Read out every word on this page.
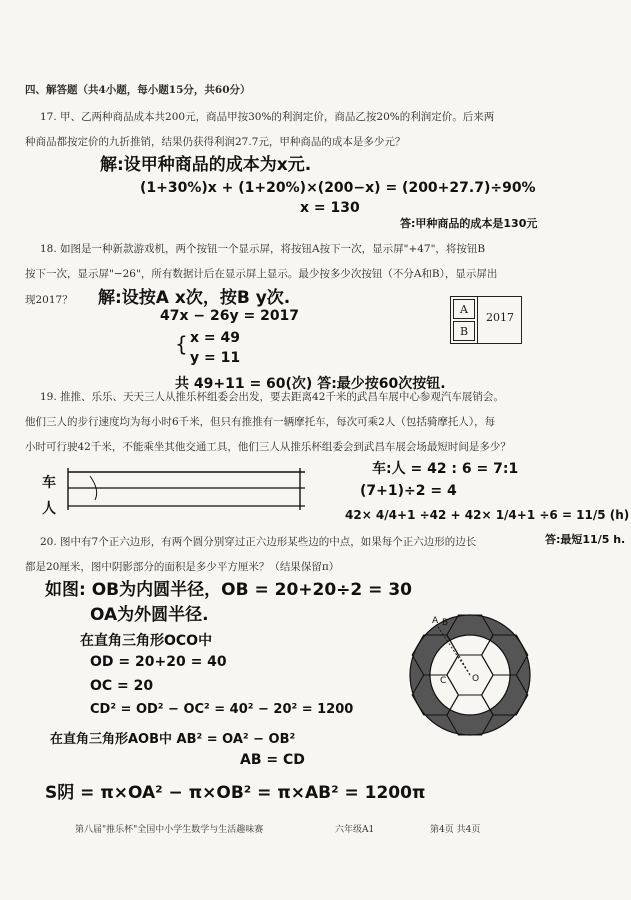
四、解答题（共4小题，每小题15分，共60分）
17. 甲、乙两种商品成本共200元，商品甲按30%的利润定价，商品乙按20%的利润定价。后来两
种商品都按定价的九折推销，结果仍获得利润27.7元，甲种商品的成本是多少元？
解:设甲种商品的成本为x元.
(1+30%)x + (1+20%)×(200−x) = (200+27.7)÷90%
x = 130
答:甲种商品的成本是130元
18. 如图是一种新款游戏机，两个按钮一个显示屏，将按钮A按下一次，显示屏"+47"，将按钮B
按下一次，显示屏"−26"，所有数据计后在显示屏上显示。最少按多少次按钮（不分A和B），显示屏出
现2017？ 解:设按A x次，按B y次.
47x − 26y = 2017
{ x = 49
y = 11
共 49+11 = 60(次) 答:最少按60次按钮.
A
B
2017
19. 推推、乐乐、天天三人从推乐杯组委会出发，要去距离42千米的武昌车展中心参观汽车展销会。
他们三人的步行速度均为每小时6千米，但只有推推有一辆摩托车，每次可乘2人（包括骑摩托人），每
小时可行驶42千米，不能乘坐其他交通工具，他们三人从推乐杯组委会到武昌车展会场最短时间是多少？
车 人
车:人 = 42 : 6 = 7:1
(7+1)÷2 = 4
42× 4/4+1 ÷42 + 42× 1/4+1 ÷6 = 11/5 (h)
答:最短11/5 h.
20. 图中有7个正六边形，有两个圆分别穿过正六边形某些边的中点，如果每个正六边形的边长
都是20厘米，图中阴影部分的面积是多少平方厘米？（结果保留π）
如图: OB为内圆半径，OB = 20+20÷2 = 30
OA为外圆半径.
在直角三角形OCO中
OD = 20+20 = 40
OC = 20
CD² = OD² − OC² = 40² − 20² = 1200
在直角三角形AOB中 AB² = OA² − OB²
AB = CD
S阴 = π×OA² − π×OB² = π×AB² = 1200π
A B
C	O
第八届"推乐杯"全国中小学生数学与生活趣味赛	六年级A1	第4页 共4页
